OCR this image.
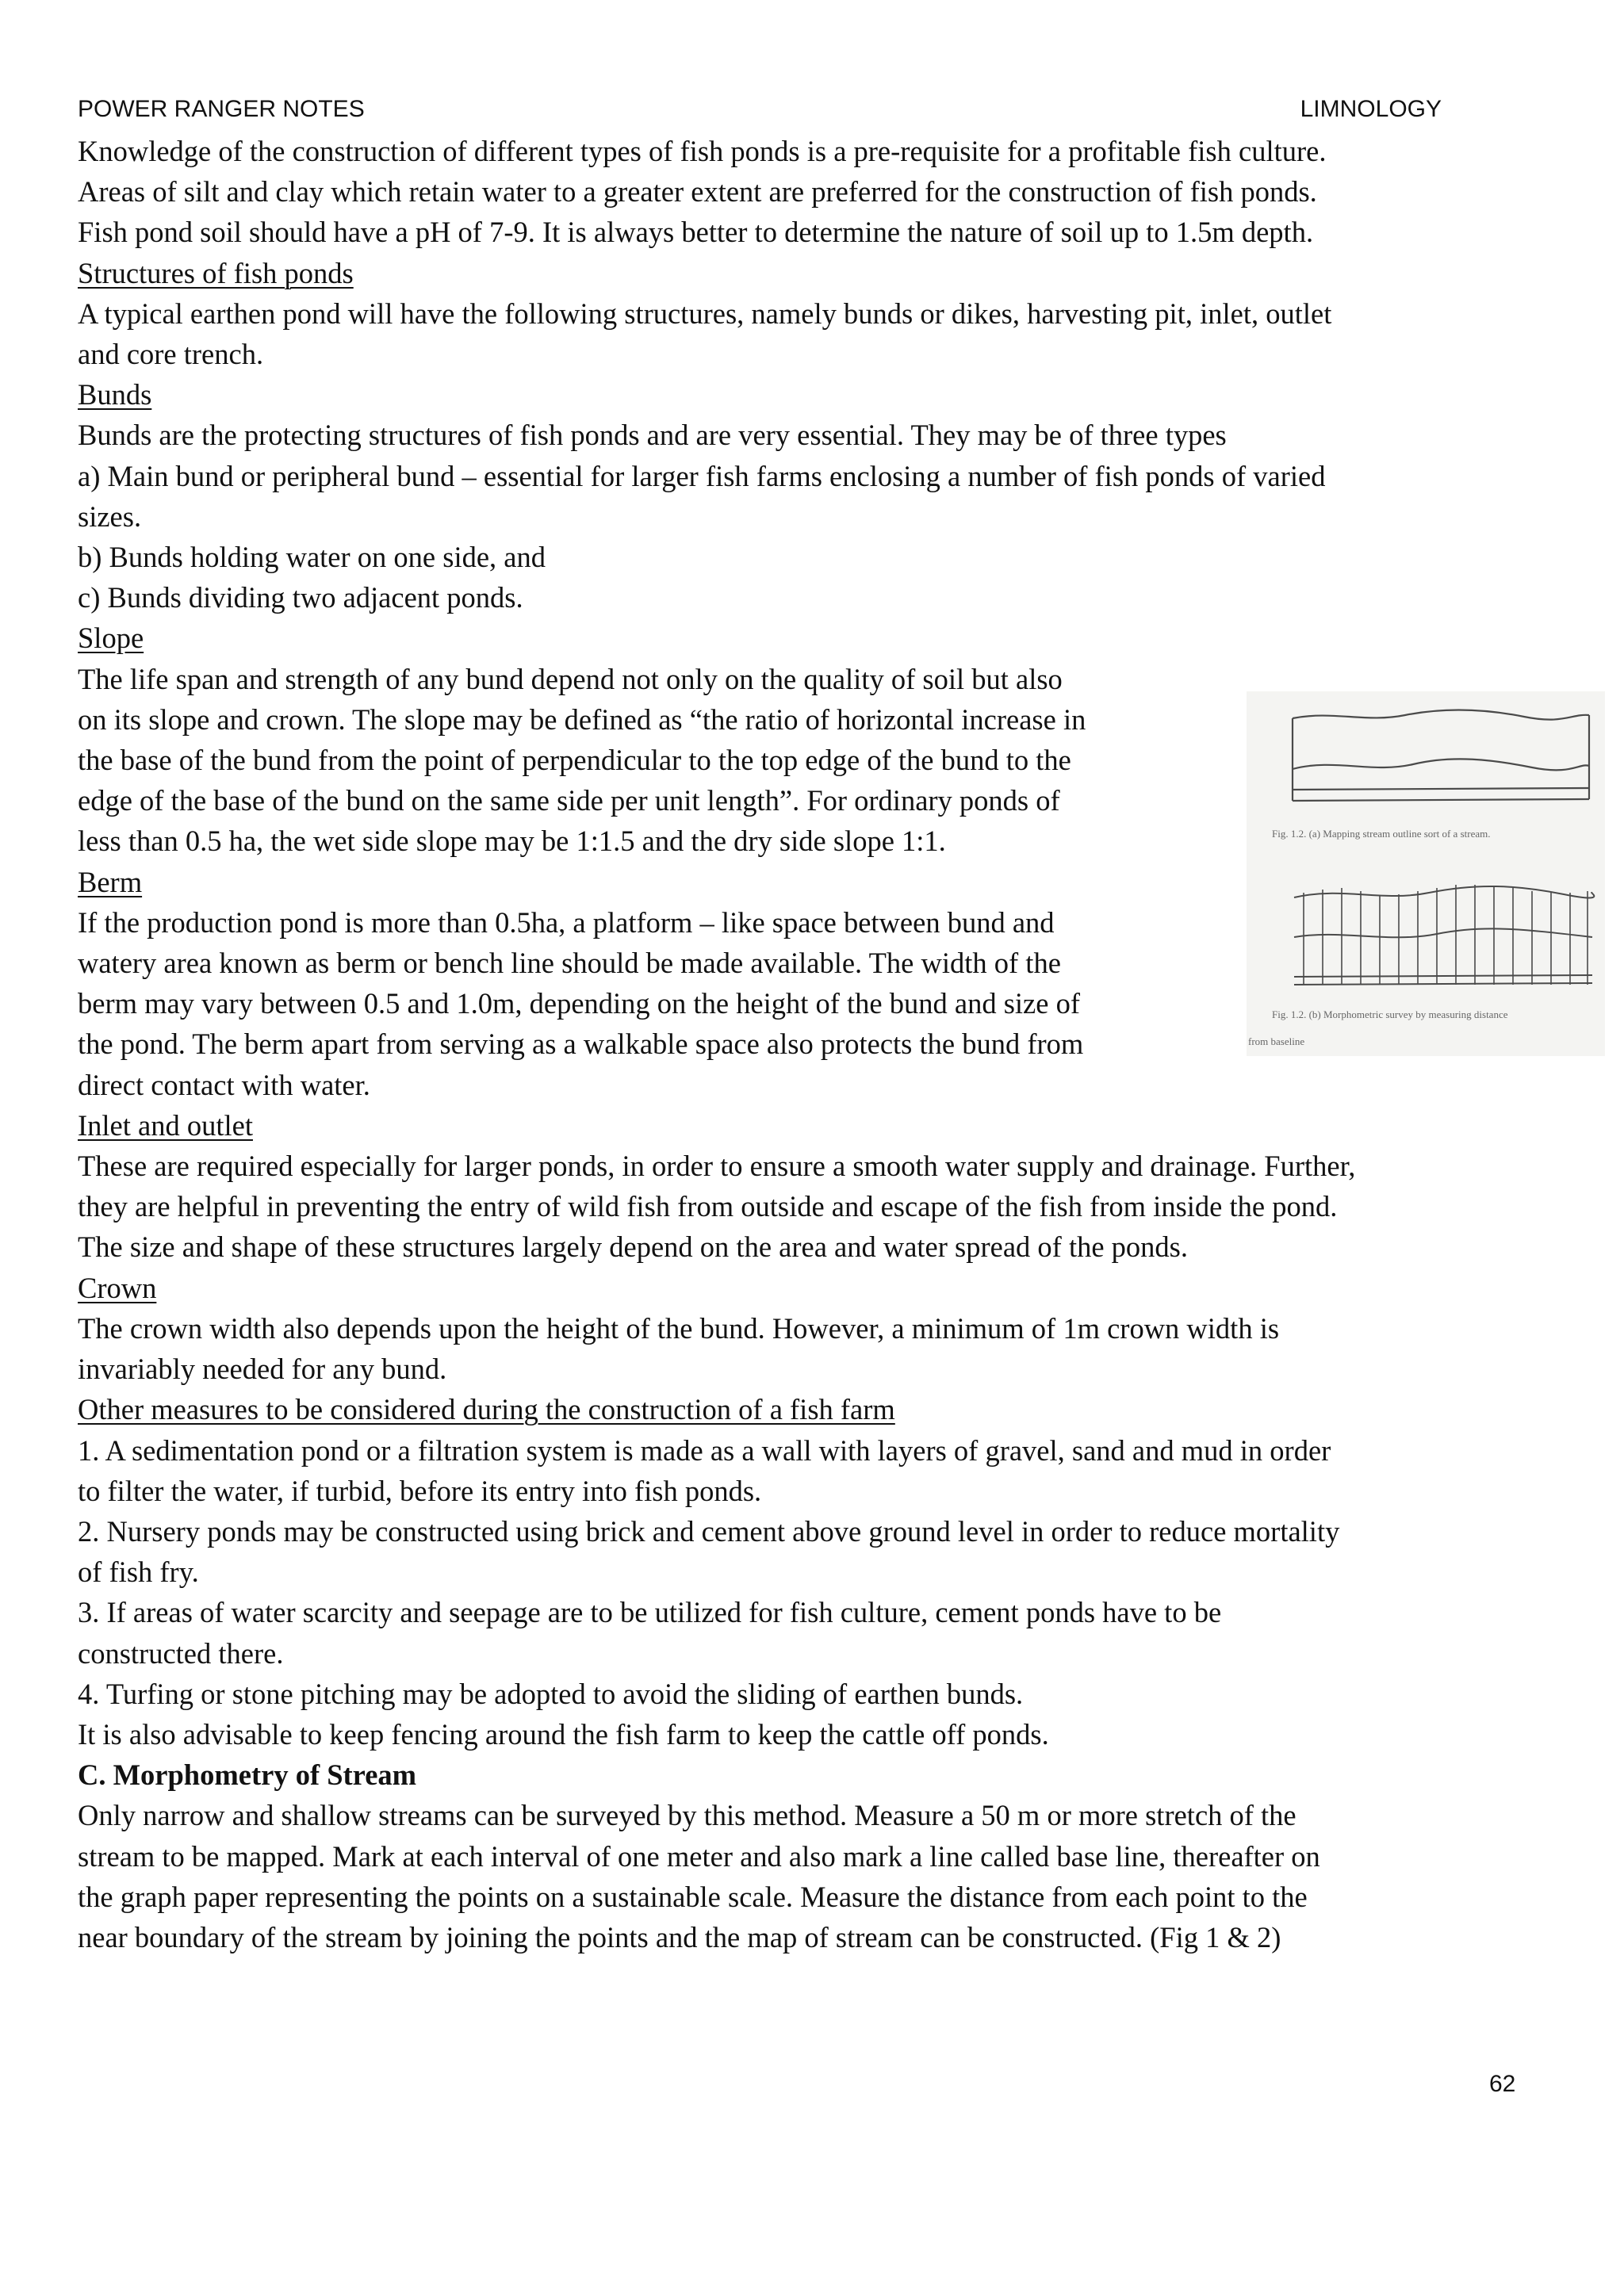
POWER RANGER NOTES	LIMNOLOGY

Knowledge of the construction of different types of fish ponds is a pre-requisite for a profitable fish culture.

Areas of silt and clay which retain water to a greater extent are preferred for the construction of fish ponds.

Fish pond soil should have a pH of 7-9. It is always better to determine the nature of soil up to 1.5m depth.

Structures of fish ponds

A typical earthen pond will have the following structures, namely bunds or dikes, harvesting pit, inlet, outlet

and core trench.

Bunds

Bunds are the protecting structures of fish ponds and are very essential. They may be of three types

a) Main bund or peripheral bund – essential for larger fish farms enclosing a number of fish ponds of varied

sizes.

b) Bunds holding water on one side, and

c) Bunds dividing two adjacent ponds.

Slope

The life span and strength of any bund depend not only on the quality of soil but also

on its slope and crown. The slope may be defined as “the ratio of horizontal increase in

the base of the bund from the point of perpendicular to the top edge of the bund to the

edge of the base of the bund on the same side per unit length”. For ordinary ponds of

less than 0.5 ha, the wet side slope may be 1:1.5 and the dry side slope 1:1.

Berm

If the production pond is more than 0.5ha, a platform – like space between bund and

watery area known as berm or bench line should be made available. The width of the

berm may vary between 0.5 and 1.0m, depending on the height of the bund and size of

the pond. The berm apart from serving as a walkable space also protects the bund from

direct contact with water.

Inlet and outlet

These are required especially for larger ponds, in order to ensure a smooth water supply and drainage. Further,

they are helpful in preventing the entry of wild fish from outside and escape of the fish from inside the pond.

The size and shape of these structures largely depend on the area and water spread of the ponds.

Crown

The crown width also depends upon the height of the bund. However, a minimum of 1m crown width is

invariably needed for any bund.

Other measures to be considered during the construction of a fish farm

1. A sedimentation pond or a filtration system is made as a wall with layers of gravel, sand and mud in order

to filter the water, if turbid, before its entry into fish ponds.

2. Nursery ponds may be constructed using brick and cement above ground level in order to reduce mortality

of fish fry.

3. If areas of water scarcity and seepage are to be utilized for fish culture, cement ponds have to be

constructed there.

4. Turfing or stone pitching may be adopted to avoid the sliding of earthen bunds.

It is also advisable to keep fencing around the fish farm to keep the cattle off ponds.

C. Morphometry of Stream

Only narrow and shallow streams can be surveyed by this method. Measure a 50 m or more stretch of the

stream to be mapped. Mark at each interval of one meter and also mark a line called base line, thereafter on

the graph paper representing the points on a sustainable scale. Measure the distance from each point to the

near boundary of the stream by joining the points and the map of stream can be constructed. (Fig 1 & 2)

Fig. 1.2. (a) Mapping stream outline sort of a stream.
Fig. 1.2. (b) Morphometric survey by measuring distance
from baseline
62
